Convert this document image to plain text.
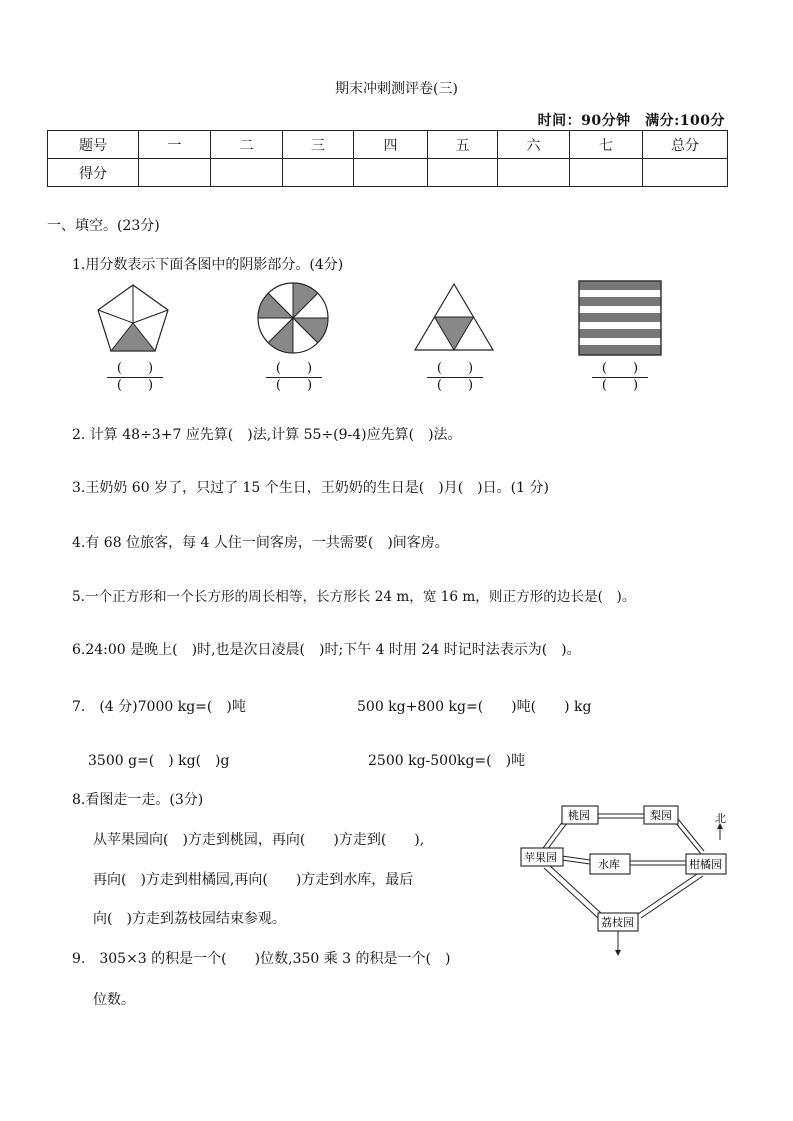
期末冲刺测评卷(三)
时间：90分钟　满分:100分
题号	一	二	三	四	五	六	七	总分
得分								
一、填空。(23分)
1.用分数表示下面各图中的阴影部分。(4分)
(　　)
(　　)
(　　)
(　　)
(　　)
(　　)
(　　)
(　　)
2. 计算 48÷3+7 应先算(　)法,计算 55÷(9-4)应先算(　)法。
3.王奶奶 60 岁了，只过了 15 个生日，王奶奶的生日是(　)月(　)日。(1 分)
4.有 68 位旅客，每 4 人住一间客房，一共需要(　)间客房。
5.一个正方形和一个长方形的周长相等，长方形长 24 m，宽 16 m，则正方形的边长是(　)。
6.24:00 是晚上(　)时,也是次日凌晨(　)时;下午 4 时用 24 时记时法表示为(　)。
7.　(4 分)7000 kg=(　)吨	500 kg+800 kg=(　　)吨(　　) kg
3500 g=(　) kg(　)g	2500 kg-500kg=(　)吨
8.看图走一走。(3分)
从苹果园向(　)方走到桃园，再向(　　)方走到(　　),
再向(　)方走到柑橘园,再向(　　)方走到水库，最后
向(　)方走到荔枝园结束参观。
桃园	梨园
苹果园
水库	柑橘园
荔枝园
北
9.　305×3 的积是一个(　　)位数,350 乘 3 的积是一个(　)
位数。
